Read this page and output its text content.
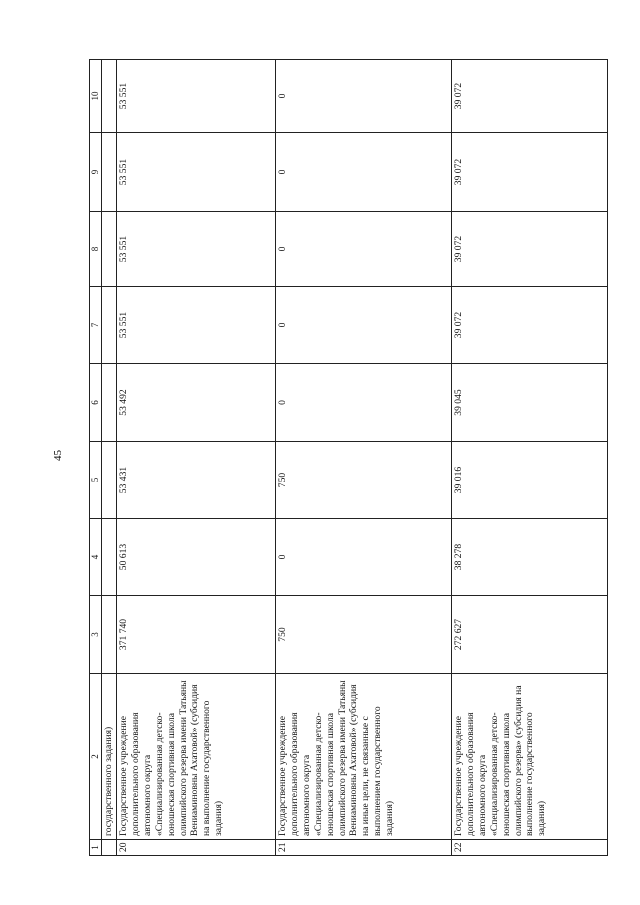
45
1	2	3	4	5	6	7	8	9	10
	государственного задания)								
20	Государственное учреждение дополнительного образования автономного округа «Специализированная детско-юношеская спортивная школа олимпийского резерва имени Татьяны Вениаминовны Ахатовой» (субсидия на выполнение государственного задания)	371 740	50 613	53 431	53 492	53 551	53 551	53 551	53 551
21	Государственное учреждение дополнительного образования автономного округа «Специализированная детско-юношеская спортивная школа олимпийского резерва имени Татьяны Вениаминовны Ахатовой» (субсидия на иные цели, не связанные с выполнением государственного задания)	750	0	750	0	0	0	0	0
22	Государственное учреждение дополнительного образования автономного округа «Специализированная детско-юношеская спортивная школа олимпийского резерва» (субсидия на выполнение государственного задания)	272 627	38 278	39 016	39 045	39 072	39 072	39 072	39 072
